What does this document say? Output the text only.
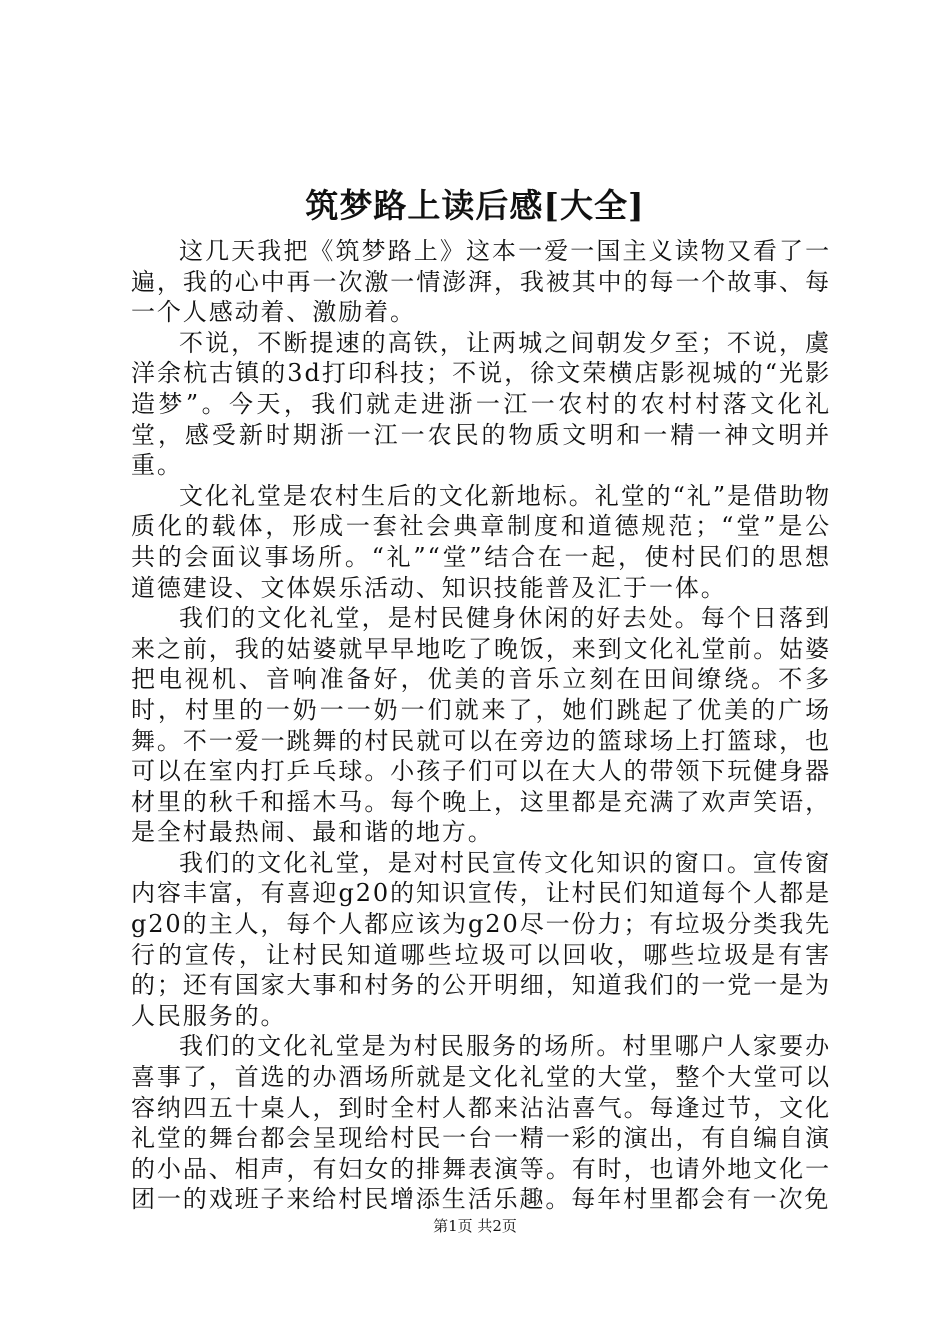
筑梦路上读后感[大全]

这几天我把《筑梦路上》这本一爱一国主义读物又看了一遍，我的心中再一次激一情澎湃，我被其中的每一个故事、每一个人感动着、激励着。

不说，不断提速的高铁，让两城之间朝发夕至；不说，虞洋余杭古镇的3d打印科技；不说，徐文荣横店影视城的“光影造梦”。今天，我们就走进浙一江一农村的农村村落文化礼堂，感受新时期浙一江一农民的物质文明和一精一神文明并重。

文化礼堂是农村生后的文化新地标。礼堂的“礼”是借助物质化的载体，形成一套社会典章制度和道德规范；“堂”是公共的会面议事场所。“礼”“堂”结合在一起，使村民们的思想道德建设、文体娱乐活动、知识技能普及汇于一体。

我们的文化礼堂，是村民健身休闲的好去处。每个日落到来之前，我的姑婆就早早地吃了晚饭，来到文化礼堂前。姑婆把电视机、音响准备好，优美的音乐立刻在田间缭绕。不多时，村里的一奶一一奶一们就来了，她们跳起了优美的广场舞。不一爱一跳舞的村民就可以在旁边的篮球场上打篮球，也可以在室内打乒乓球。小孩子们可以在大人的带领下玩健身器材里的秋千和摇木马。每个晚上，这里都是充满了欢声笑语，是全村最热闹、最和谐的地方。

我们的文化礼堂，是对村民宣传文化知识的窗口。宣传窗内容丰富，有喜迎g20的知识宣传，让村民们知道每个人都是g20的主人，每个人都应该为g20尽一份力；有垃圾分类我先行的宣传，让村民知道哪些垃圾可以回收，哪些垃圾是有害的；还有国家大事和村务的公开明细，知道我们的一党一是为人民服务的。

我们的文化礼堂是为村民服务的场所。村里哪户人家要办喜事了，首选的办酒场所就是文化礼堂的大堂，整个大堂可以容纳四五十桌人，到时全村人都来沾沾喜气。每逢过节，文化礼堂的舞台都会呈现给村民一台一精一彩的演出，有自编自演的小品、相声，有妇女的排舞表演等。有时，也请外地文化一团一的戏班子来给村民增添生活乐趣。每年村里都会有一次免

第1页 共2页
